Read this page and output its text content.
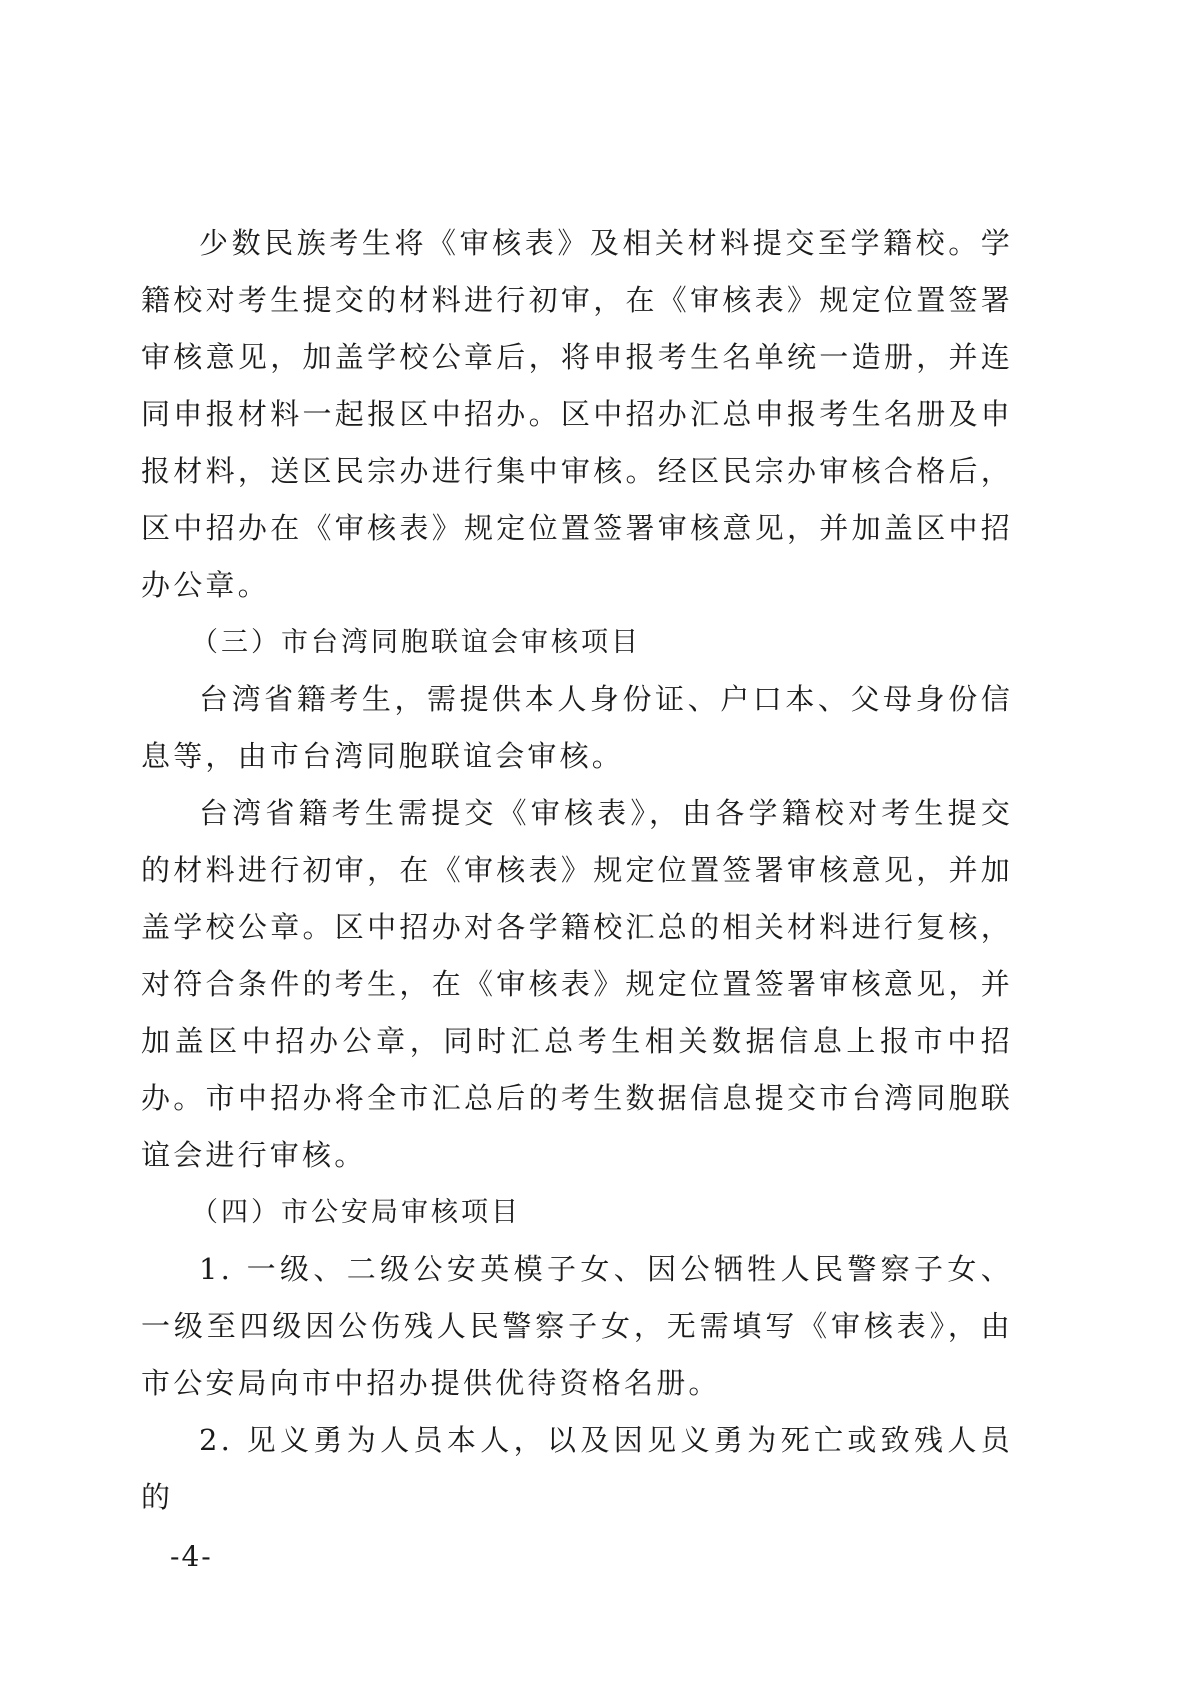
少数民族考生将《审核表》及相关材料提交至学籍校。学籍校对考生提交的材料进行初审，在《审核表》规定位置签署审核意见，加盖学校公章后，将申报考生名单统一造册，并连同申报材料一起报区中招办。区中招办汇总申报考生名册及申报材料，送区民宗办进行集中审核。经区民宗办审核合格后，区中招办在《审核表》规定位置签署审核意见，并加盖区中招办公章。

（三）市台湾同胞联谊会审核项目

台湾省籍考生，需提供本人身份证、户口本、父母身份信息等，由市台湾同胞联谊会审核。

台湾省籍考生需提交《审核表》，由各学籍校对考生提交的材料进行初审，在《审核表》规定位置签署审核意见，并加盖学校公章。区中招办对各学籍校汇总的相关材料进行复核，对符合条件的考生，在《审核表》规定位置签署审核意见，并加盖区中招办公章，同时汇总考生相关数据信息上报市中招办。市中招办将全市汇总后的考生数据信息提交市台湾同胞联谊会进行审核。

（四）市公安局审核项目

1. 一级、二级公安英模子女、因公牺牲人民警察子女、一级至四级因公伤残人民警察子女，无需填写《审核表》，由市公安局向市中招办提供优待资格名册。

2. 见义勇为人员本人，以及因见义勇为死亡或致残人员的

-4-
